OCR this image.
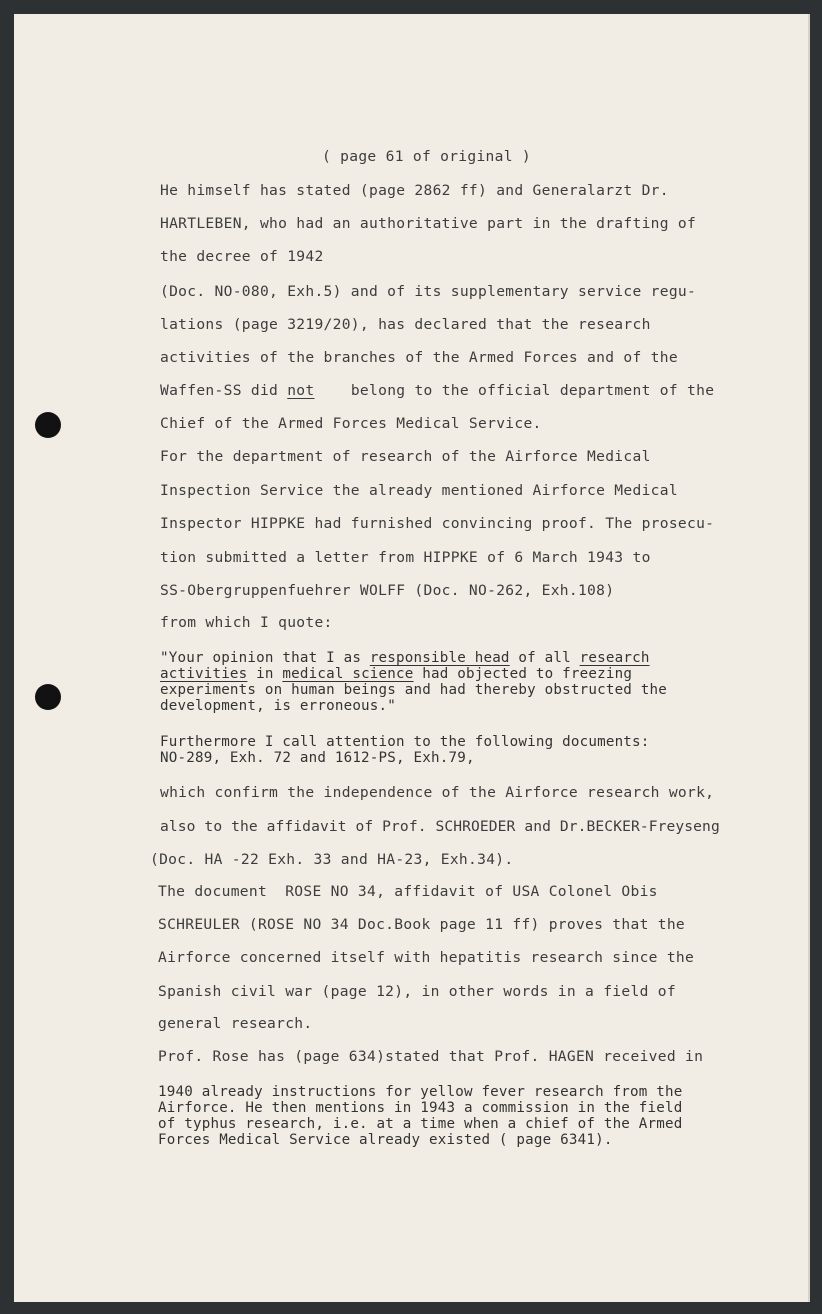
( page 61 of original )
He himself has stated (page 2862 ff) and Generalarzt Dr.
HARTLEBEN, who had an authoritative part in the drafting of
the decree of 1942
(Doc. NO-080, Exh.5) and of its supplementary service regu-
lations (page 3219/20), has declared that the research
activities of the branches of the Armed Forces and of the
Waffen-SS did not belong to the official department of the
Chief of the Armed Forces Medical Service.
For the department of research of the Airforce Medical
Inspection Service the already mentioned Airforce Medical
Inspector HIPPKE had furnished convincing proof. The prosecu-
tion submitted a letter from HIPPKE of 6 March 1943 to
SS-Obergruppenfuehrer WOLFF (Doc. NO-262, Exh.108)
from which I quote:
"Your opinion that I as responsible head of all research
activities in medical science had objected to freezing
experiments on human beings and had thereby obstructed the
development, is erroneous."
Furthermore I call attention to the following documents:
NO-289, Exh. 72 and 1612-PS, Exh.79,
which confirm the independence of the Airforce research work,
also to the affidavit of Prof. SCHROEDER and Dr.BECKER-Freyseng
(Doc. HA -22 Exh. 33 and HA-23, Exh.34).
The document  ROSE NO 34, affidavit of USA Colonel Obis
SCHREULER (ROSE NO 34 Doc.Book page 11 ff) proves that the
Airforce concerned itself with hepatitis research since the
Spanish civil war (page 12), in other words in a field of
general research.
Prof. Rose has (page 634)stated that Prof. HAGEN received in
1940 already instructions for yellow fever research from the
Airforce. He then mentions in 1943 a commission in the field
of typhus research, i.e. at a time when a chief of the Armed
Forces Medical Service already existed ( page 6341).
